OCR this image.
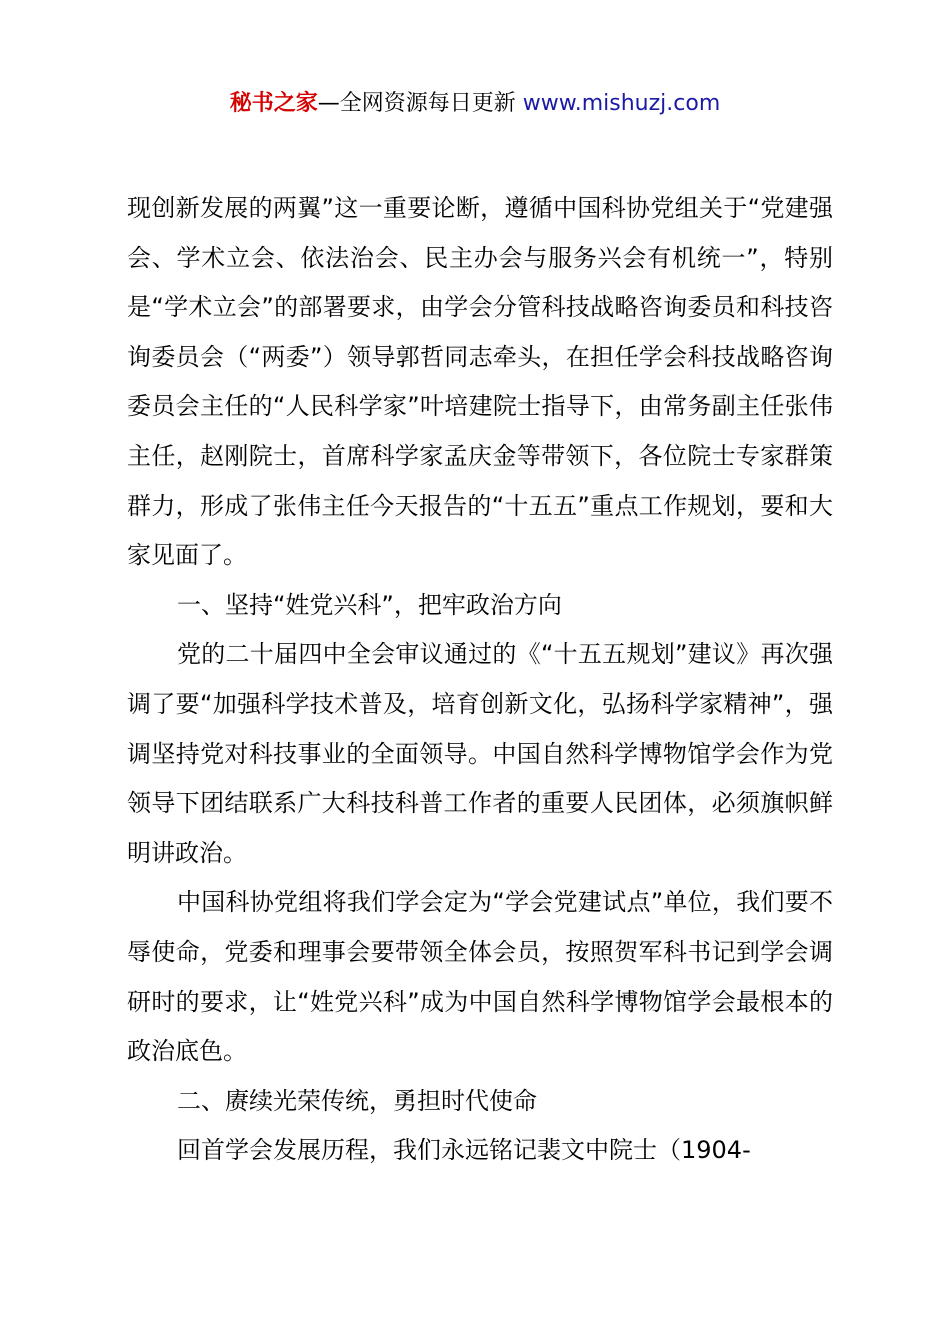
秘书之家—全网资源每日更新 www.mishuzj.com

现创新发展的两翼”这一重要论断，遵循中国科协党组关于“党建强会、学术立会、依法治会、民主办会与服务兴会有机统一”，特别是“学术立会”的部署要求，由学会分管科技战略咨询委员和科技咨询委员会（“两委”）领导郭哲同志牵头，在担任学会科技战略咨询委员会主任的“人民科学家”叶培建院士指导下，由常务副主任张伟主任，赵刚院士，首席科学家孟庆金等带领下，各位院士专家群策群力，形成了张伟主任今天报告的“十五五”重点工作规划，要和大家见面了。

一、坚持“姓党兴科”，把牢政治方向

党的二十届四中全会审议通过的《“十五五规划”建议》再次强调了要“加强科学技术普及，培育创新文化，弘扬科学家精神”，强调坚持党对科技事业的全面领导。中国自然科学博物馆学会作为党领导下团结联系广大科技科普工作者的重要人民团体，必须旗帜鲜明讲政治。

中国科协党组将我们学会定为“学会党建试点”单位，我们要不辱使命，党委和理事会要带领全体会员，按照贺军科书记到学会调研时的要求，让“姓党兴科”成为中国自然科学博物馆学会最根本的政治底色。

二、赓续光荣传统，勇担时代使命

回首学会发展历程，我们永远铭记裴文中院士（1904-
